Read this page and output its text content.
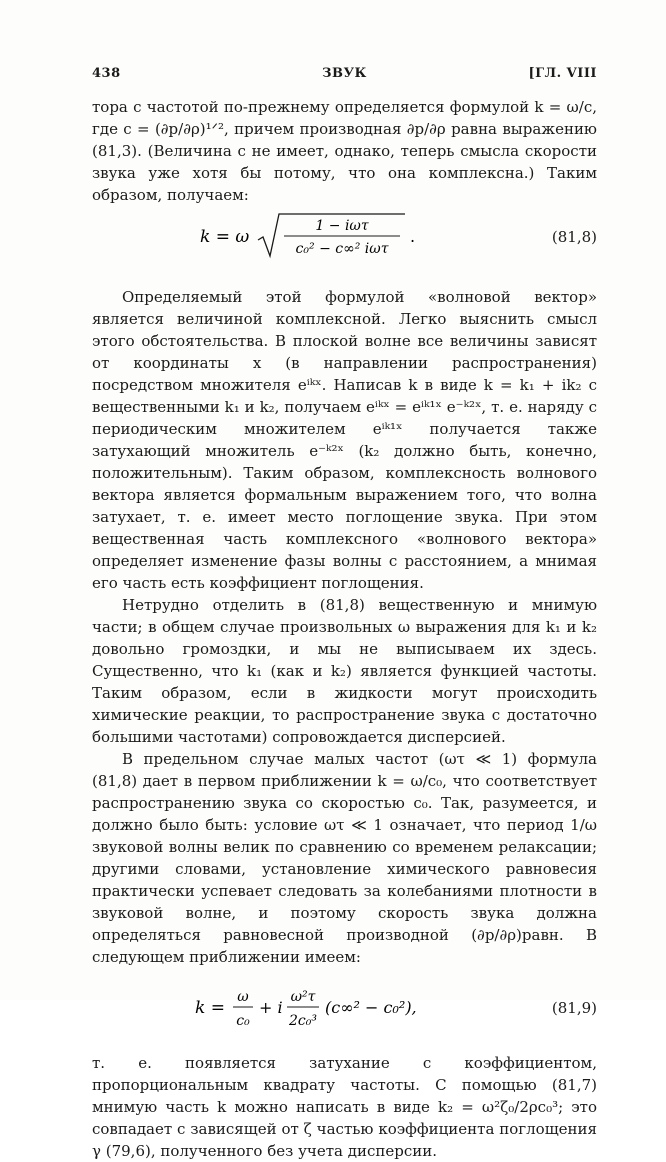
438	ЗВУК	[ГЛ. VIII

тора с частотой по-прежнему определяется формулой k = ω/c, где c = (∂p/∂ρ)¹ᐟ², причем производная ∂p/∂ρ равна выражению (81,3). (Величина c не имеет, однако, теперь смысла скорости звука уже хотя бы потому, что она комплексна.) Таким образом, получаем:

k = ω
1 − iωτ
c₀² − c∞² iωτ
.	(81,8)

Определяемый этой формулой «волновой вектор» является величиной комплексной. Легко выяснить смысл этого обстоятельства. В плоской волне все величины зависят от координаты x (в направлении распространения) посредством множителя eⁱᵏˣ. Написав k в виде k = k₁ + ik₂ с вещественными k₁ и k₂, получаем eⁱᵏˣ = eⁱᵏ¹ˣ e⁻ᵏ²ˣ, т. е. наряду с периодическим множителем eⁱᵏ¹ˣ получается также затухающий множитель e⁻ᵏ²ˣ (k₂ должно быть, конечно, положительным). Таким образом, комплексность волнового вектора является формальным выражением того, что волна затухает, т. е. имеет место поглощение звука. При этом вещественная часть комплексного «волнового вектора» определяет изменение фазы волны с расстоянием, а мнимая его часть есть коэффициент поглощения.

Нетрудно отделить в (81,8) вещественную и мнимую части; в общем случае произвольных ω выражения для k₁ и k₂ довольно громоздки, и мы не выписываем их здесь. Существенно, что k₁ (как и k₂) является функцией частоты. Таким образом, если в жидкости могут происходить химические реакции, то распространение звука с достаточно большими частотами) сопровождается дисперсией.

В предельном случае малых частот (ωτ ≪ 1) формула (81,8) дает в первом приближении k = ω/c₀, что соответствует распространению звука со скоростью c₀. Так, разумеется, и должно было быть: условие ωτ ≪ 1 означает, что период 1/ω звуковой волны велик по сравнению со временем релаксации; другими словами, установление химического равновесия практически успевает следовать за колебаниями плотности в звуковой волне, и поэтому скорость звука должна определяться равновесной производной (∂p/∂ρ)равн. В следующем приближении имеем:

k =
ω
c₀
+ i
ω²τ
2c₀³
(c∞² − c₀²),	(81,9)

т. е. появляется затухание с коэффициентом, пропорциональным квадрату частоты. С помощью (81,7) мнимую часть k можно написать в виде k₂ = ω²ζ₀/2ρc₀³; это совпадает с зависящей от ζ частью коэффициента поглощения γ (79,6), полученного без учета дисперсии.
